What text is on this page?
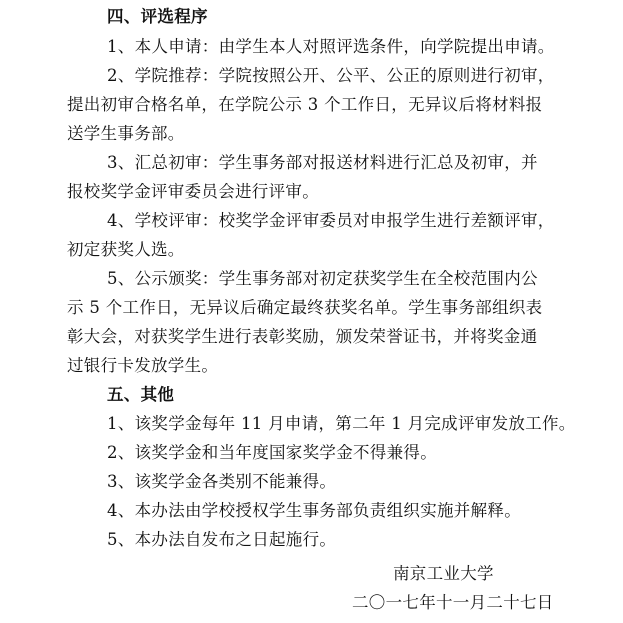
四、评选程序
1、本人申请：由学生本人对照评选条件，向学院提出申请。
2、学院推荐：学院按照公开、公平、公正的原则进行初审，
提出初审合格名单，在学院公示 3 个工作日，无异议后将材料报
送学生事务部。
3、汇总初审：学生事务部对报送材料进行汇总及初审，并
报校奖学金评审委员会进行评审。
4、学校评审：校奖学金评审委员对申报学生进行差额评审，
初定获奖人选。
5、公示颁奖：学生事务部对初定获奖学生在全校范围内公
示 5 个工作日，无异议后确定最终获奖名单。学生事务部组织表
彰大会，对获奖学生进行表彰奖励，颁发荣誉证书，并将奖金通
过银行卡发放学生。
五、其他
1、该奖学金每年 11 月申请，第二年 1 月完成评审发放工作。
2、该奖学金和当年度国家奖学金不得兼得。
3、该奖学金各类别不能兼得。
4、本办法由学校授权学生事务部负责组织实施并解释。
5、本办法自发布之日起施行。
南京工业大学
二〇一七年十一月二十七日
